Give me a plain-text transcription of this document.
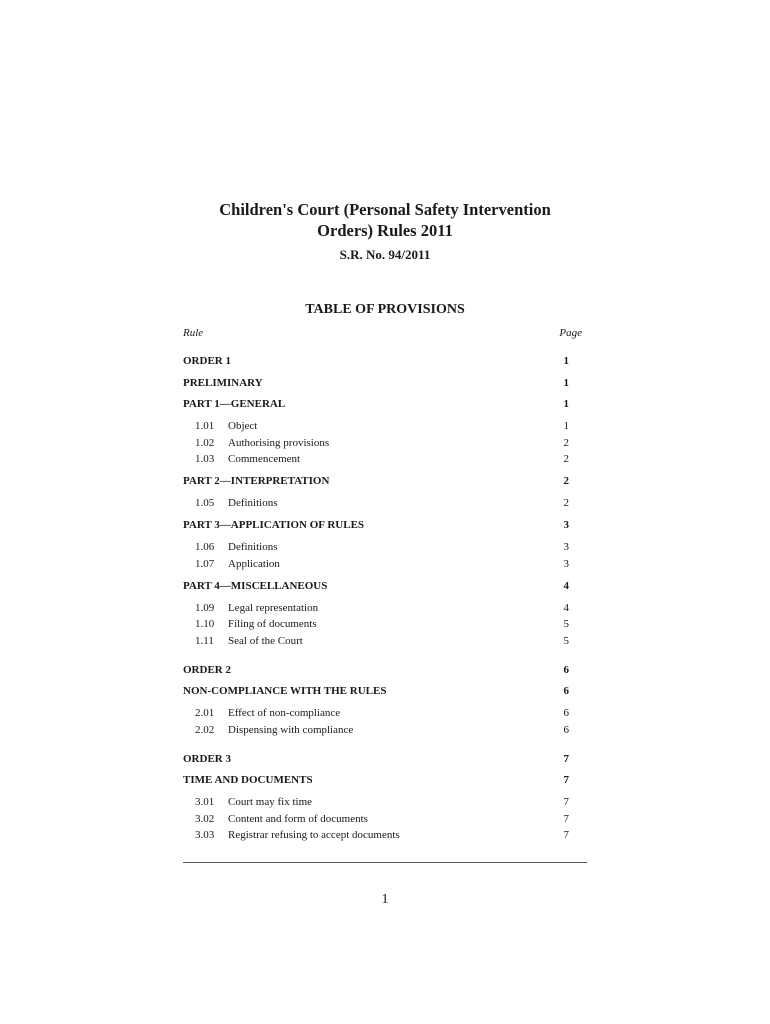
Children's Court (Personal Safety Intervention
Orders) Rules 2011
S.R. No. 94/2011
TABLE OF PROVISIONS
Rule	Page
ORDER 1	1
PRELIMINARY	1
PART 1—GENERAL	1
1.01 Object	1
1.02 Authorising provisions	2
1.03 Commencement	2
PART 2—INTERPRETATION	2
1.05 Definitions	2
PART 3—APPLICATION OF RULES	3
1.06 Definitions	3
1.07 Application	3
PART 4—MISCELLANEOUS	4
1.09 Legal representation	4
1.10 Filing of documents	5
1.11 Seal of the Court	5
ORDER 2	6
NON-COMPLIANCE WITH THE RULES	6
2.01 Effect of non-compliance	6
2.02 Dispensing with compliance	6
ORDER 3	7
TIME AND DOCUMENTS	7
3.01 Court may fix time	7
3.02 Content and form of documents	7
3.03 Registrar refusing to accept documents	7
1
